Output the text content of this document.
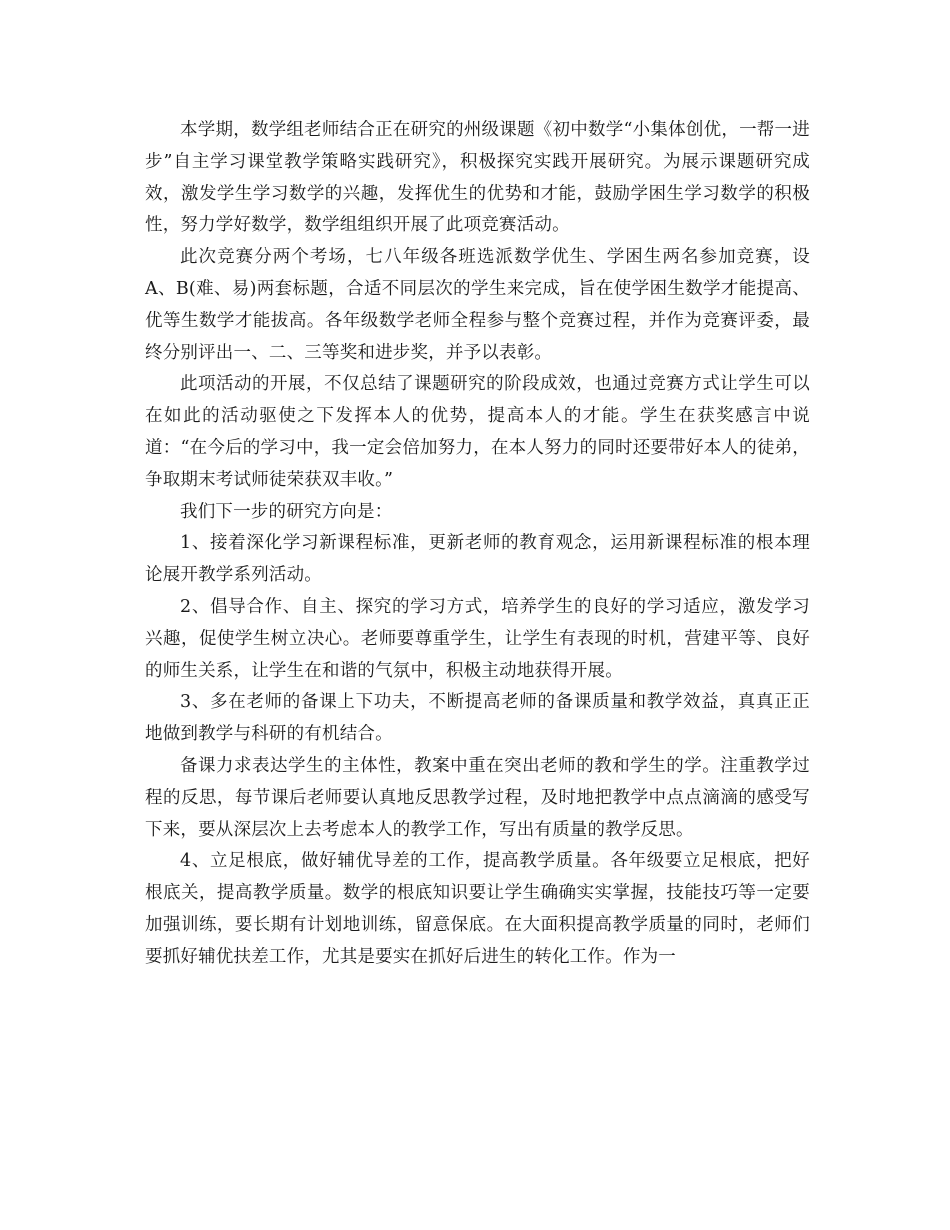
本学期，数学组老师结合正在研究的州级课题《初中数学“小集体创优，一帮一进步”自主学习课堂教学策略实践研究》，积极探究实践开展研究。为展示课题研究成效，激发学生学习数学的兴趣，发挥优生的优势和才能，鼓励学困生学习数学的积极性，努力学好数学，数学组组织开展了此项竞赛活动。

此次竞赛分两个考场，七八年级各班选派数学优生、学困生两名参加竞赛，设A、B(难、易)两套标题，合适不同层次的学生来完成，旨在使学困生数学才能提高、优等生数学才能拔高。各年级数学老师全程参与整个竞赛过程，并作为竞赛评委，最终分别评出一、二、三等奖和进步奖，并予以表彰。

此项活动的开展，不仅总结了课题研究的阶段成效，也通过竞赛方式让学生可以在如此的活动驱使之下发挥本人的优势，提高本人的才能。学生在获奖感言中说道：“在今后的学习中，我一定会倍加努力，在本人努力的同时还要带好本人的徒弟，争取期末考试师徒荣获双丰收。”

我们下一步的研究方向是：

1、接着深化学习新课程标准，更新老师的教育观念，运用新课程标准的根本理论展开教学系列活动。

2、倡导合作、自主、探究的学习方式，培养学生的良好的学习适应，激发学习兴趣，促使学生树立决心。老师要尊重学生，让学生有表现的时机，营建平等、良好的师生关系，让学生在和谐的气氛中，积极主动地获得开展。

3、多在老师的备课上下功夫，不断提高老师的备课质量和教学效益，真真正正地做到教学与科研的有机结合。

备课力求表达学生的主体性，教案中重在突出老师的教和学生的学。注重教学过程的反思，每节课后老师要认真地反思教学过程，及时地把教学中点点滴滴的感受写下来，要从深层次上去考虑本人的教学工作，写出有质量的教学反思。

4、立足根底，做好辅优导差的工作，提高教学质量。各年级要立足根底，把好根底关，提高教学质量。数学的根底知识要让学生确确实实掌握，技能技巧等一定要加强训练，要长期有计划地训练，留意保底。在大面积提高教学质量的同时，老师们要抓好辅优扶差工作，尤其是要实在抓好后进生的转化工作。作为一
